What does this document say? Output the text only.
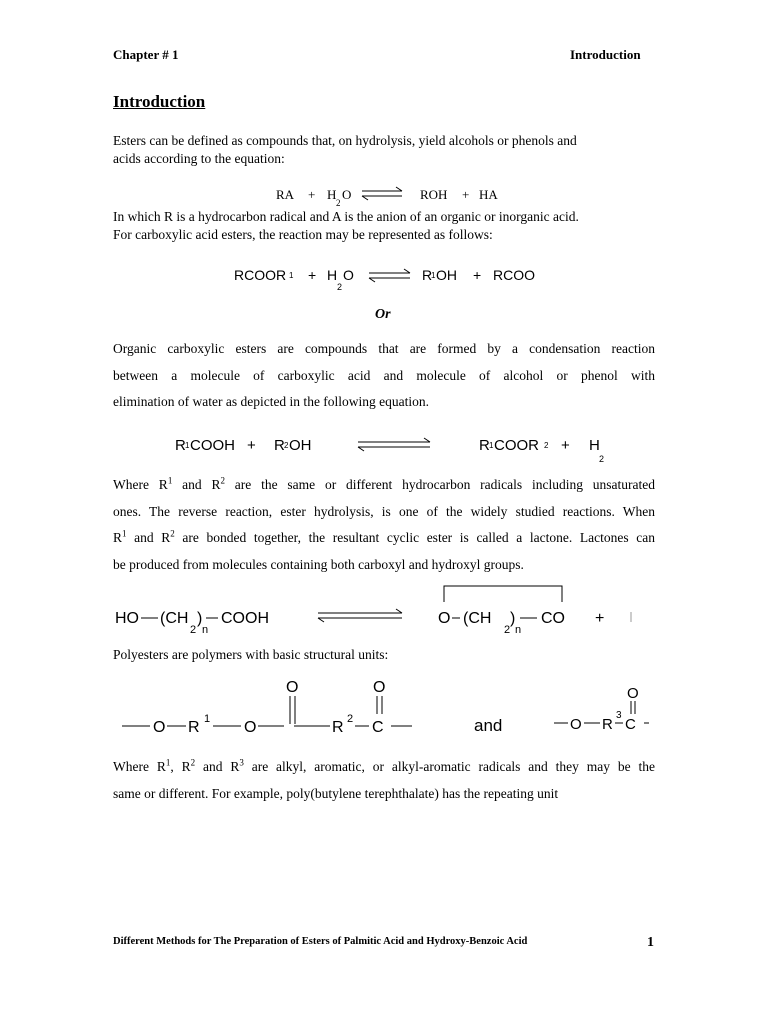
Chapter # 1	Introduction
Introduction
Esters can be defined as compounds that, on hydrolysis, yield alcohols or phenols and
acids according to the equation:
RA + H
2
O	ROH + HA
In which R is a hydrocarbon radical and A is the anion of an organic or inorganic acid.
For carboxylic acid esters, the reaction may be represented as follows:
RCOOR 1 + H
2
O	R
1 OH + RCOO
Or
Organic carboxylic esters are compounds that are formed by a condensation reaction
between a molecule of carboxylic acid and molecule of alcohol or phenol with
elimination of water as depicted in the following equation.
R 1 COOH + R 2 OH	R 1 COOR 2 + H
2
Where $R^1$ and $R^2$ are the same or different hydrocarbon radicals including unsaturated
ones. The reverse reaction, ester hydrolysis, is one of the widely studied reactions. When
$R^1$ and $R^2$ are bonded together, the resultant cyclic ester is called a lactone. Lactones can
be produced from molecules containing both carboxyl and hydroxyl groups.
HO (CH
2
)
n
COOH	O (CH
2
)
n
CO +
Polyesters are polymers with basic structural units:
O R 1 O
O
R 2 C
O
and	O R
3
C
O
Where $R^1$, $R^2$ and $R^3$ are alkyl, aromatic, or alkyl-aromatic radicals and they may be the
same or different. For example, poly(butylene terephthalate) has the repeating unit
Different Methods for The Preparation of Esters of Palmitic Acid and Hydroxy-Benzoic Acid	1
